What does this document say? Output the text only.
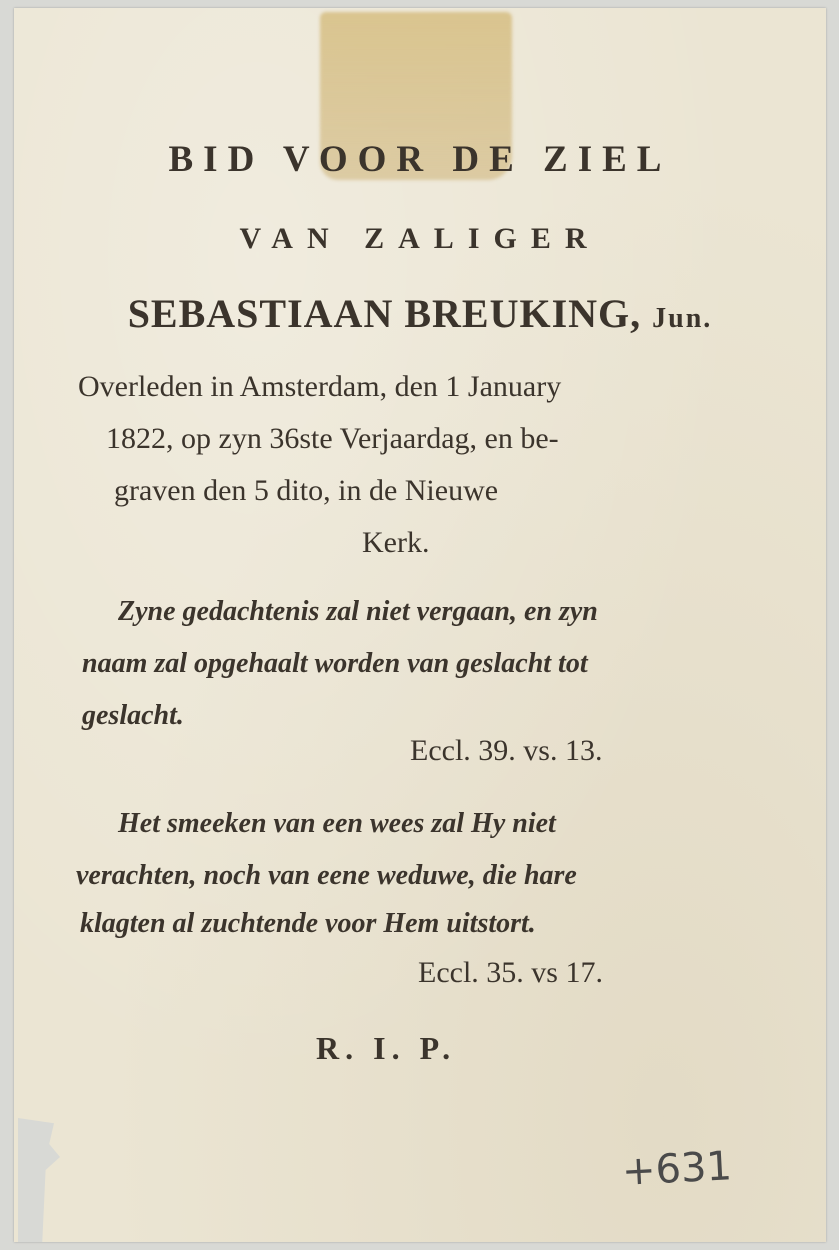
BID VOOR DE ZIEL
VAN ZALIGER
SEBASTIAAN BREUKING, Jun.
Overleden in Amsterdam, den 1 January
1822, op zyn 36ste Verjaardag, en be-
graven den 5 dito, in de Nieuwe
Kerk.
Zyne gedachtenis zal niet vergaan, en zyn
naam zal opgehaalt worden van geslacht tot
geslacht.
Eccl. 39. vs. 13.
Het smeeken van een wees zal Hy niet
verachten, noch van eene weduwe, die hare
klagten al zuchtende voor Hem uitstort.
Eccl. 35. vs 17.
R. I. P.
+631
